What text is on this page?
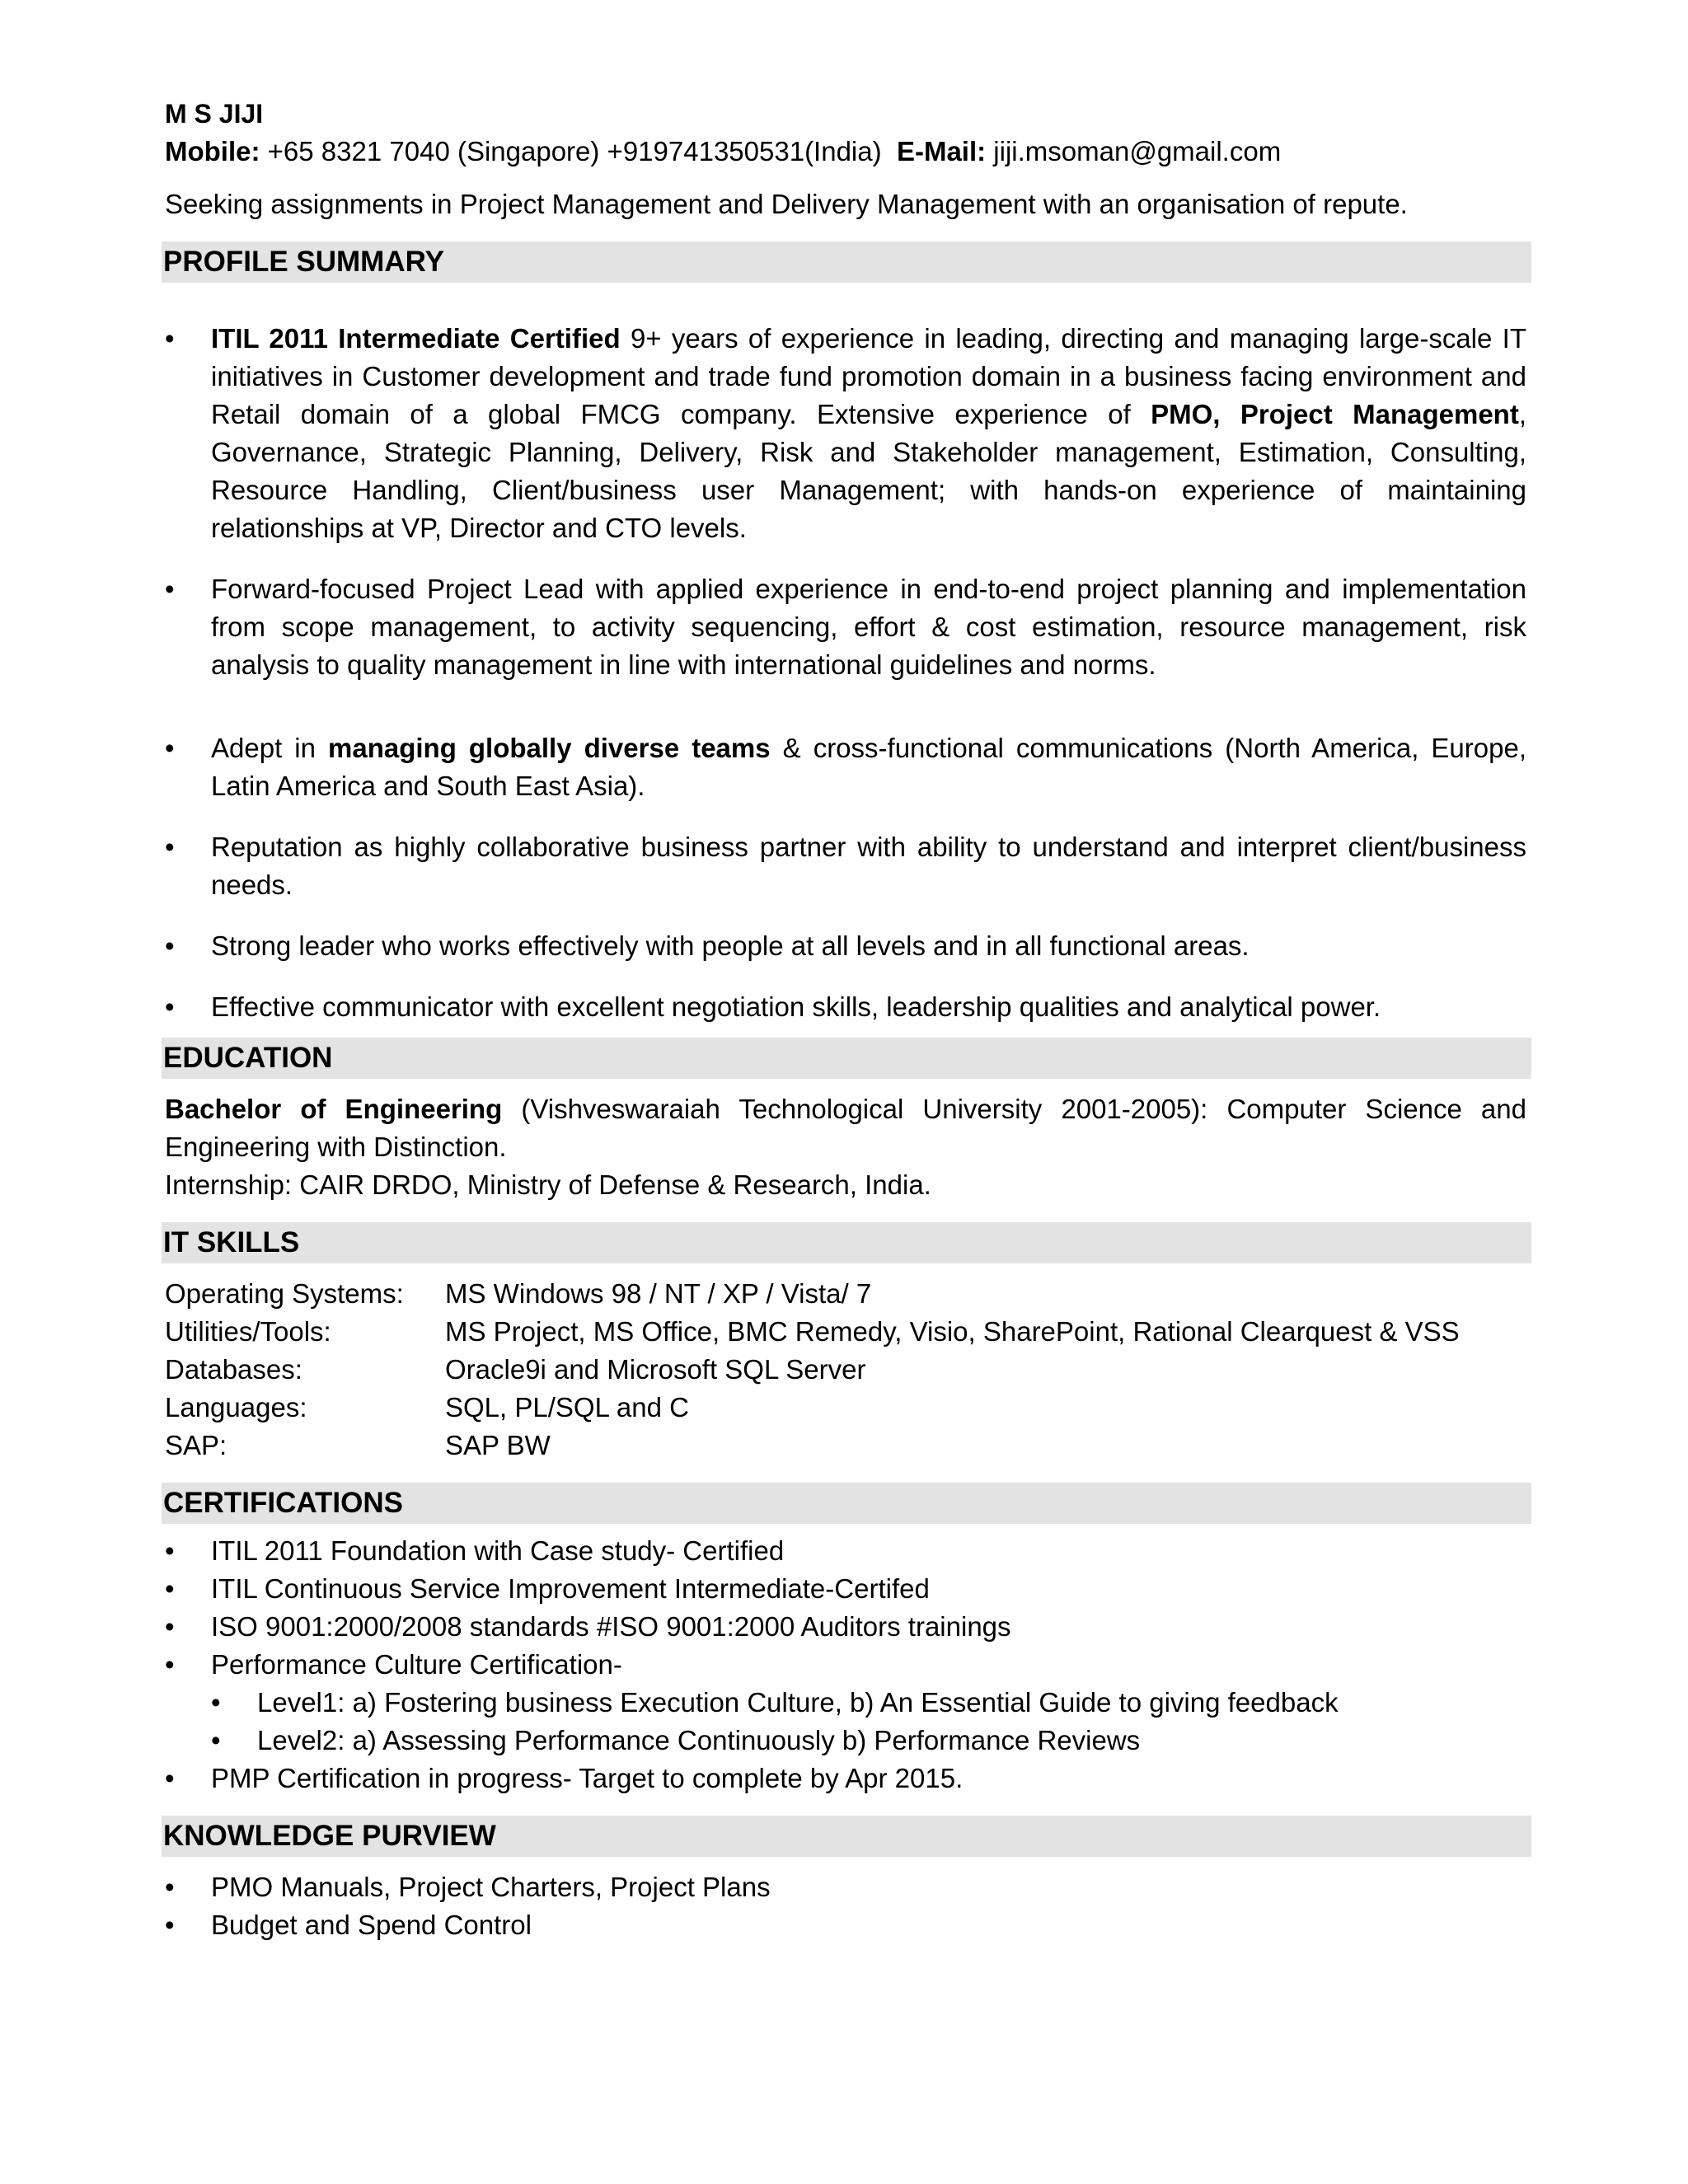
M S JIJI
Mobile: +65 8321 7040 (Singapore) +919741350531(India)  E-Mail: jiji.msoman@gmail.com
Seeking assignments in Project Management and Delivery Management with an organisation of repute.
PROFILE SUMMARY
• ITIL 2011 Intermediate Certified 9+ years of experience in leading, directing and managing large-scale IT initiatives in Customer development and trade fund promotion domain in a business facing environment and Retail domain of a global FMCG company. Extensive experience of PMO, Project Management, Governance, Strategic Planning, Delivery, Risk and Stakeholder management, Estimation, Consulting, Resource Handling, Client/business user Management; with hands-on experience of maintaining relationships at VP, Director and CTO levels.
• Forward-focused Project Lead with applied experience in end-to-end project planning and implementation from scope management, to activity sequencing, effort & cost estimation, resource management, risk analysis to quality management in line with international guidelines and norms.
• Adept in managing globally diverse teams & cross-functional communications (North America, Europe, Latin America and South East Asia).
• Reputation as highly collaborative business partner with ability to understand and interpret client/business needs.
• Strong leader who works effectively with people at all levels and in all functional areas.
• Effective communicator with excellent negotiation skills, leadership qualities and analytical power.
EDUCATION
Bachelor of Engineering (Vishveswaraiah Technological University 2001-2005): Computer Science and Engineering with Distinction.
Internship: CAIR DRDO, Ministry of Defense & Research, India.
IT SKILLS
Operating Systems:	MS Windows 98 / NT / XP / Vista/ 7
Utilities/Tools:	MS Project, MS Office, BMC Remedy, Visio, SharePoint, Rational Clearquest & VSS
Databases:	Oracle9i and Microsoft SQL Server
Languages:	SQL, PL/SQL and C
SAP:	SAP BW
CERTIFICATIONS
• ITIL 2011 Foundation with Case study- Certified
• ITIL Continuous Service Improvement Intermediate-Certifed
• ISO 9001:2000/2008 standards #ISO 9001:2000 Auditors trainings
• Performance Culture Certification-
• Level1: a) Fostering business Execution Culture, b) An Essential Guide to giving feedback
• Level2: a) Assessing Performance Continuously b) Performance Reviews
• PMP Certification in progress- Target to complete by Apr 2015.
KNOWLEDGE PURVIEW
• PMO Manuals, Project Charters, Project Plans
• Budget and Spend Control
